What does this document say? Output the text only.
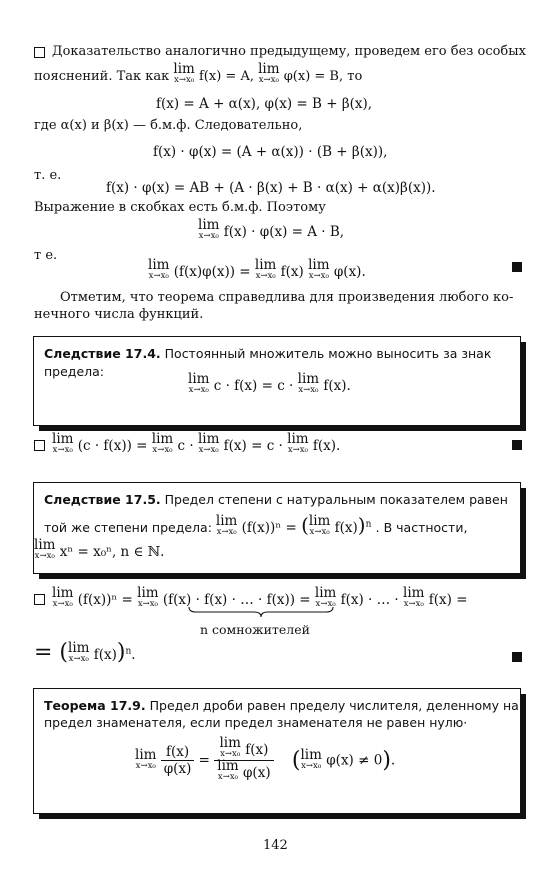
Доказательство аналогично предыдущему, проведем его без особых
пояснений. Так как lim
x→x₀ f(x) = A, lim
x→x₀ φ(x) = B, то
f(x) = A + α(x), φ(x) = B + β(x),
где α(x) и β(x) — б.м.ф. Следовательно,
f(x) · φ(x) = (A + α(x)) · (B + β(x)),
т. е.
f(x) · φ(x) = AB + (A · β(x) + B · α(x) + α(x)β(x)).
Выражение в скобках есть б.м.ф. Поэтому
lim
x→x₀ f(x) · φ(x) = A · B,
т е.
lim
x→x₀ (f(x)φ(x)) = lim
x→x₀ f(x) lim
x→x₀ φ(x).
Отметим, что теорема справедлива для произведения любого ко-
нечного числа функций.
Следствие 17.4. Постоянный множитель можно выносить за знак
предела:	lim
x→x₀ c · f(x) = c · lim
x→x₀ f(x).
lim
x→x₀ (c · f(x)) = lim
x→x₀ c · lim
x→x₀ f(x) = c · lim
x→x₀ f(x).
Следствие 17.5. Предел степени с натуральным показателем равен
той же степени предела: lim
x→x₀ (f(x))ⁿ = (lim
x→x₀ f(x))$^n$ . В частности,
lim
x→x₀ xⁿ = x₀ⁿ, n ∈ ℕ.
lim
x→x₀ (f(x))ⁿ = lim
x→x₀ (f(x) · f(x) · … · f(x)) = lim
x→x₀ f(x) · … · lim
x→x₀ f(x) =
n сомножителей
= (lim
x→x₀ f(x))$^n$.
Теорема 17.9. Предел дроби равен пределу числителя, деленному на
предел знаменателя, если предел знаменателя не равен нулю·
lim
x→x₀
$\frac{f(x)}{\varphi(x)} = \lim$
x→x₀ f(x)
lim
x→x₀ φ(x) (lim
x→x₀ φ(x) ≠ 0).
142
